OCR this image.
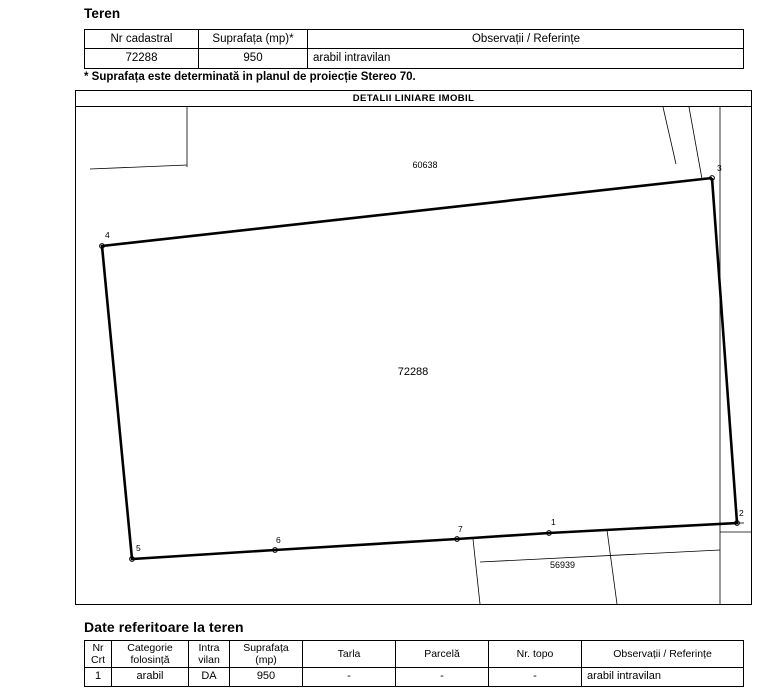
Teren
Nr cadastral	Suprafața (mp)*	Observații / Referințe
72288	950	arabil intravilan
* Suprafața este determinată in planul de proiecție Stereo 70.
DETALII LINIARE IMOBIL
3
4
2
1
7
6
5
72288
60638
56939
Date referitoare la teren
Nr Crt	Categorie folosință	Intra vilan	Suprafața (mp)	Tarla	Parcelă	Nr. topo	Observații / Referințe
1	arabil	DA	950	-	-	-	arabil intravilan
